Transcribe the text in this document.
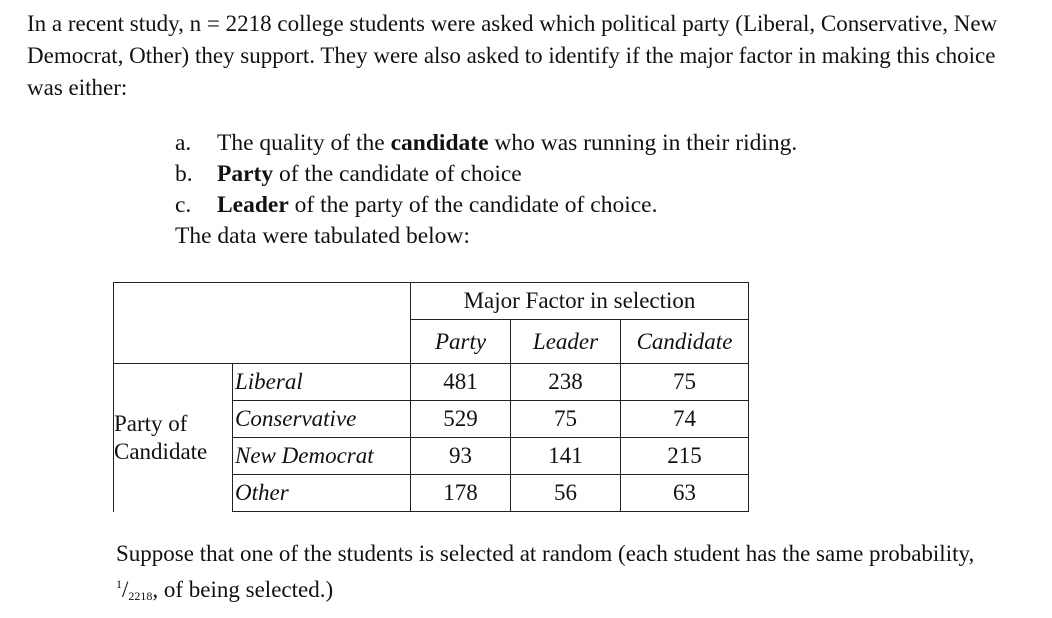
In a recent study, n = 2218 college students were asked which political party (Liberal, Conservative, New Democrat, Other) they support. They were also asked to identify if the major factor in making this choice was either:
a. The quality of the candidate who was running in their riding.
b. Party of the candidate of choice
c. Leader of the party of the candidate of choice.
The data were tabulated below:
		Major Factor in selection		
		Party	Leader	Candidate
Party of
Candidate	Liberal	481	238	75
	Conservative	529	75	74
	New Democrat	93	141	215
	Other	178	56	63
Suppose that one of the students is selected at random (each student has the same probability, $^1/_{2218}$, of being selected.)
